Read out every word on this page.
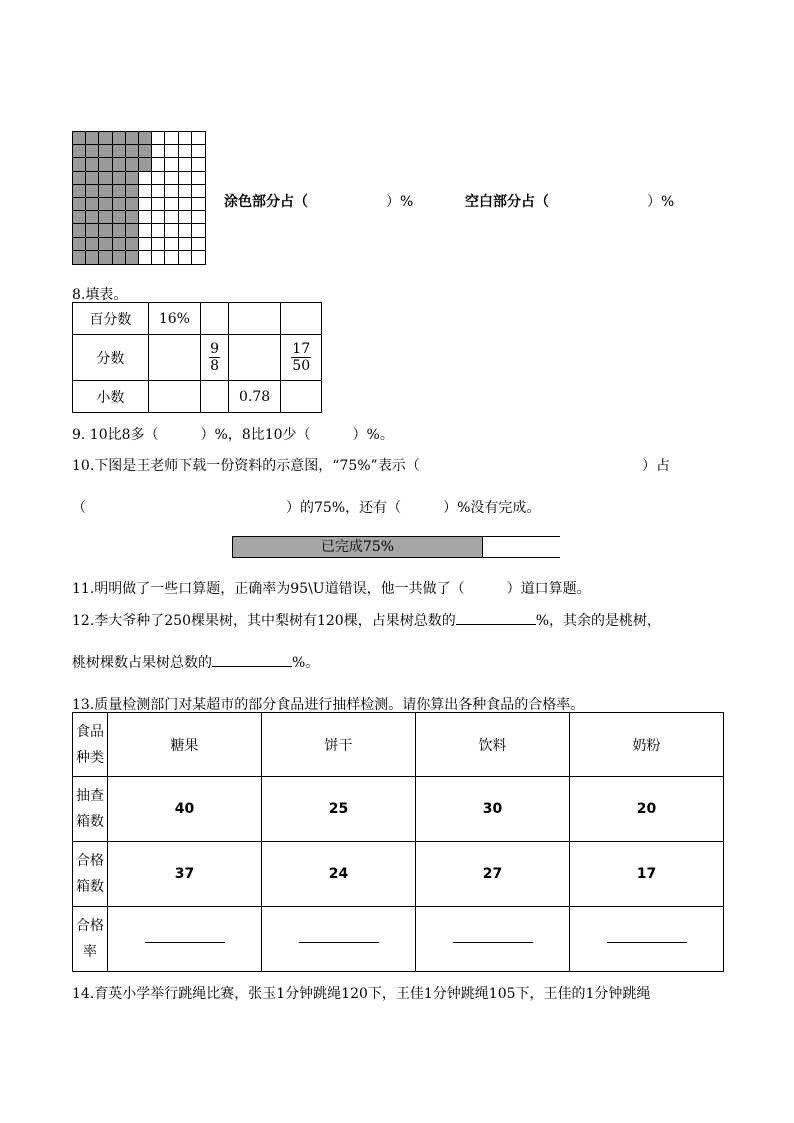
涂色部分占（	）%	空白部分占（	）%
8.填表。
百分数	16%			
分数		$\frac{9}{8}$		$\frac{17}{50}$

小数			0.78	
9. 10比8多（　　　）%，8比10少（　　　）%。
10.下图是王老师下载一份资料的示意图，“75%”表示（	）占
（	）的75%，还有（　　　）%没有完成。
已完成75%
11.明明做了一些口算题，正确率为95\U道错误，他一共做了（　　　）道口算题。
12.李大爷种了250棵果树，其中梨树有120棵，占果树总数的	%，其余的是桃树，
桃树棵数占果树总数的	%。
13.质量检测部门对某超市的部分食品进行抽样检测。请你算出各种食品的合格率。
食品种类	糖果	饼干	饮料	奶粉
抽查箱数	40	25	30	20
合格箱数	37	24	27	17
合格率				
14.育英小学举行跳绳比赛，张玉1分钟跳绳120下，王佳1分钟跳绳105下，王佳的1分钟跳绳
